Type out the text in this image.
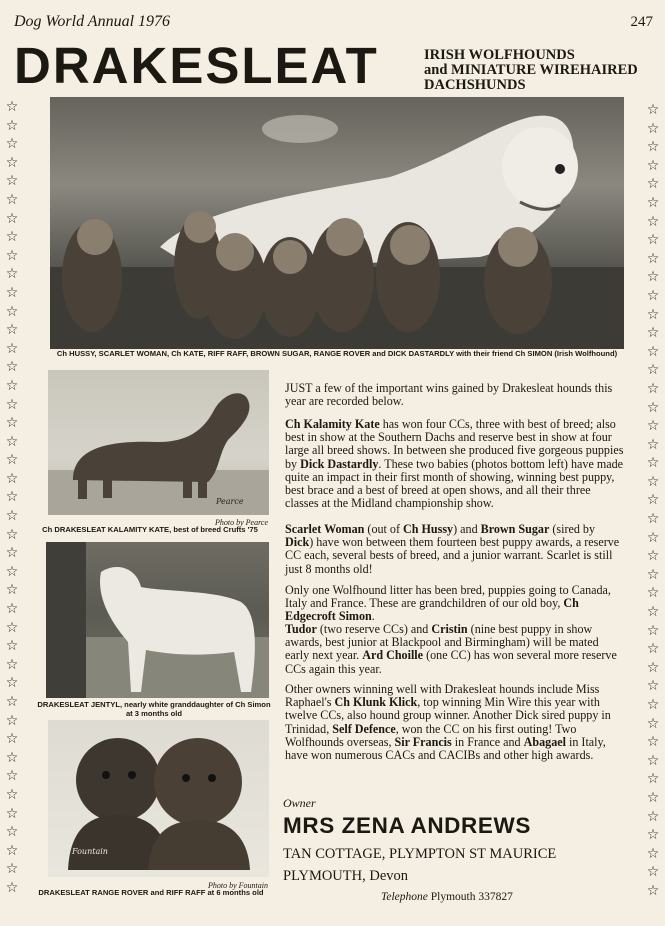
Dog World Annual 1976	247
DRAKESLEAT	IRISH WOLFHOUNDS
and MINIATURE WIREHAIRED
DACHSHUNDS
☆
☆
☆
☆
☆
☆
☆
☆
☆
☆
☆
☆
☆
☆
☆
☆
☆
☆
☆
☆
☆
☆
☆
☆
☆
☆
☆
☆
☆
☆
☆
☆
☆
☆
☆
☆
☆
☆
☆
☆
☆
☆
☆
☆
☆
☆
☆
☆
☆
☆
☆
☆
☆
☆
☆
☆
☆
☆
☆
☆
☆
☆
☆
☆
☆
☆
☆
☆
☆
☆
☆
☆
☆
☆
☆
☆
☆
☆
☆
☆
☆
☆
☆
☆
☆
☆
Ch HUSSY, SCARLET WOMAN, Ch KATE, RIFF RAFF, BROWN SUGAR, RANGE ROVER and DICK DASTARDLY with their friend Ch SIMON (Irish Wolfhound)
Pearce
Photo by Pearce
Ch DRAKESLEAT KALAMITY KATE, best of breed Crufts '75
DRAKESLEAT JENTYL, nearly white granddaughter of Ch Simon at 3 months old
Fountain
Photo by Fountain
DRAKESLEAT RANGE ROVER and RIFF RAFF at 6 months old
JUST a few of the important wins gained by Drakesleat hounds this year are recorded below.
Ch Kalamity Kate has won four CCs, three with best of breed; also best in show at the Southern Dachs and reserve best in show at four large all breed shows. In between she produced five gorgeous puppies by Dick Dastardly. These two babies (photos bottom left) have made quite an impact in their first month of showing, winning best puppy, best brace and a best of breed at open shows, and all their three classes at the Midland championship show.
Scarlet Woman (out of Ch Hussy) and Brown Sugar (sired by Dick) have won between them fourteen best puppy awards, a reserve CC each, several bests of breed, and a junior warrant. Scarlet is still just 8 months old!
Only one Wolfhound litter has been bred, puppies going to Canada, Italy and France. These are grandchildren of our old boy, Ch Edgecroft Simon.
Tudor (two reserve CCs) and Cristin (nine best puppy in show awards, best junior at Blackpool and Birmingham) will be mated early next year. Ard Choille (one CC) has won several more reserve CCs again this year.
Other owners winning well with Drakesleat hounds include Miss Raphael's Ch Klunk Klick, top winning Min Wire this year with twelve CCs, also hound group winner. Another Dick sired puppy in Trinidad, Self Defence, won the CC on his first outing! Two Wolfhounds overseas, Sir Francis in France and Abagael in Italy, have won numerous CACs and CACIBs and other high awards.
Owner
MRS ZENA ANDREWS
TAN COTTAGE, PLYMPTON ST MAURICE
PLYMOUTH, Devon
Telephone Plymouth 337827
